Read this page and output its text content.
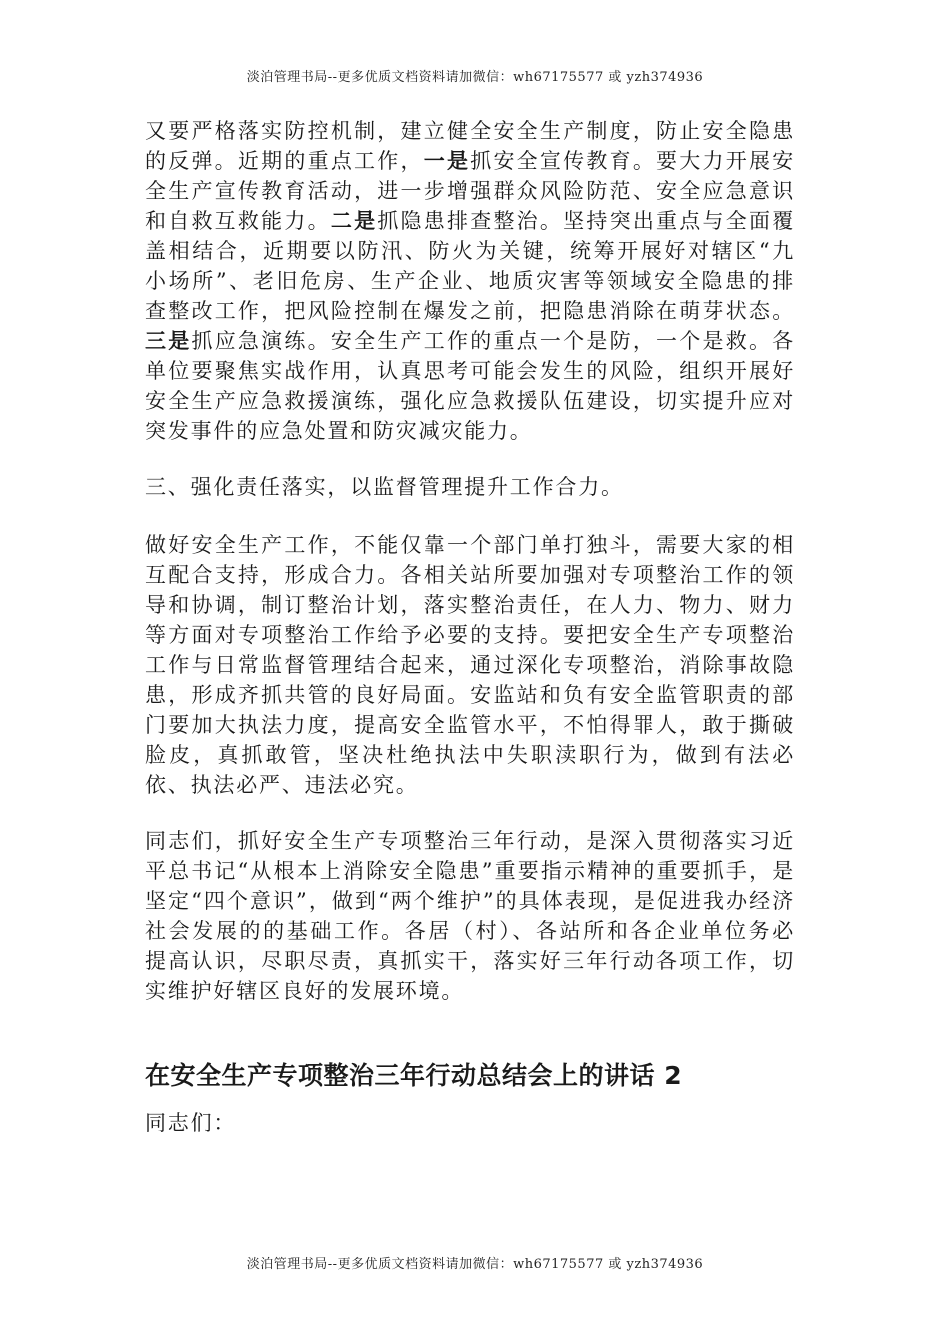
淡泊管理书局--更多优质文档资料请加微信：wh67175577 或 yzh374936

又要严格落实防控机制，建立健全安全生产制度，防止安全隐患的反弹。近期的重点工作，一是抓安全宣传教育。要大力开展安全生产宣传教育活动，进一步增强群众风险防范、安全应急意识和自救互救能力。二是抓隐患排查整治。坚持突出重点与全面覆盖相结合，近期要以防汛、防火为关键，统筹开展好对辖区“九小场所”、老旧危房、生产企业、地质灾害等领域安全隐患的排查整改工作，把风险控制在爆发之前，把隐患消除在萌芽状态。三是抓应急演练。安全生产工作的重点一个是防，一个是救。各单位要聚焦实战作用，认真思考可能会发生的风险，组织开展好安全生产应急救援演练，强化应急救援队伍建设，切实提升应对突发事件的应急处置和防灾减灾能力。

三、强化责任落实，以监督管理提升工作合力。

做好安全生产工作，不能仅靠一个部门单打独斗，需要大家的相互配合支持，形成合力。各相关站所要加强对专项整治工作的领导和协调，制订整治计划，落实整治责任，在人力、物力、财力等方面对专项整治工作给予必要的支持。要把安全生产专项整治工作与日常监督管理结合起来，通过深化专项整治，消除事故隐患，形成齐抓共管的良好局面。安监站和负有安全监管职责的部门要加大执法力度，提高安全监管水平，不怕得罪人，敢于撕破脸皮，真抓敢管，坚决杜绝执法中失职渎职行为，做到有法必依、执法必严、违法必究。

同志们，抓好安全生产专项整治三年行动，是深入贯彻落实习近平总书记“从根本上消除安全隐患”重要指示精神的重要抓手，是坚定“四个意识”，做到“两个维护”的具体表现，是促进我办经济社会发展的的基础工作。各居（村）、各站所和各企业单位务必提高认识，尽职尽责，真抓实干，落实好三年行动各项工作，切实维护好辖区良好的发展环境。

在安全生产专项整治三年行动总结会上的讲话 2

同志们：

淡泊管理书局--更多优质文档资料请加微信：wh67175577 或 yzh374936
